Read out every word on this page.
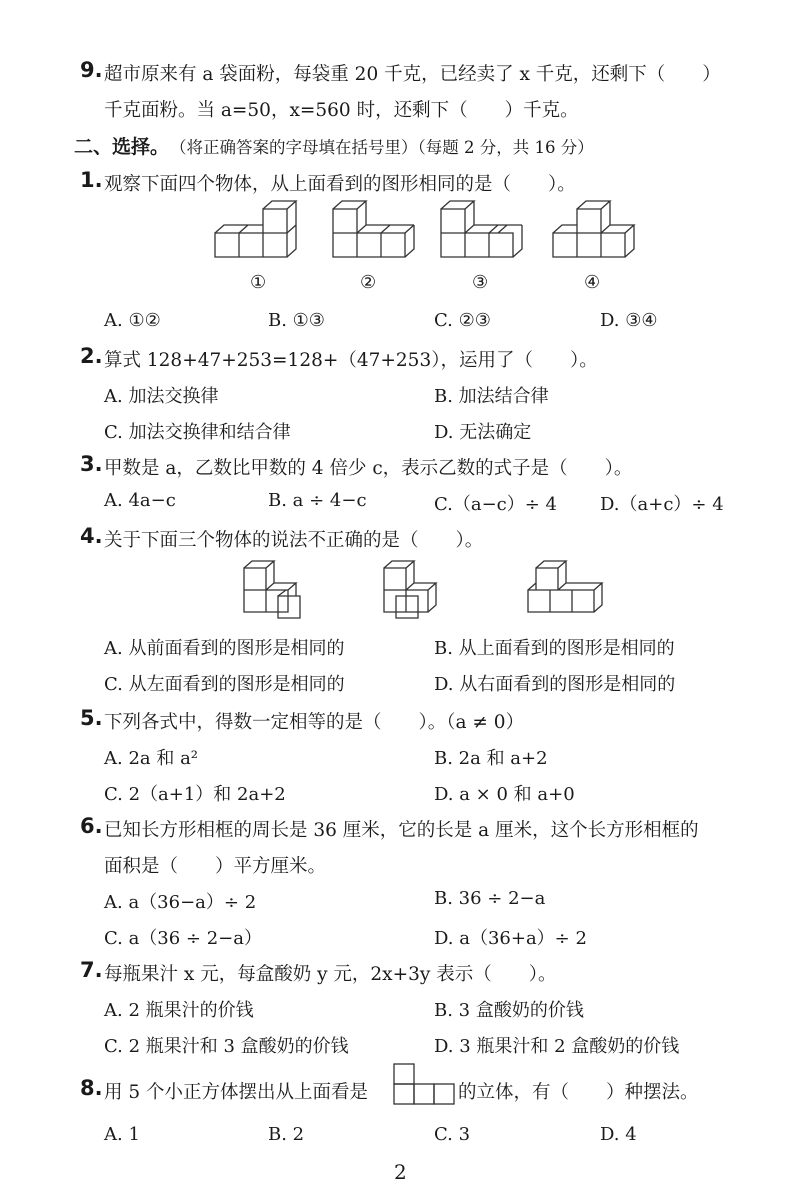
9. 超市原来有 a 袋面粉，每袋重 20 千克，已经卖了 x 千克，还剩下（　　）
千克面粉。当 a=50，x=560 时，还剩下（　　）千克。
二、选择。 （将正确答案的字母填在括号里）（每题 2 分，共 16 分）
1. 观察下面四个物体，从上面看到的图形相同的是（　　）。
①	②	③	④
A. ①②	B. ①③	C. ②③	D. ③④
2. 算式 128+47+253=128+（47+253），运用了（　　）。
A. 加法交换律	B. 加法结合律
C. 加法交换律和结合律	D. 无法确定
3. 甲数是 a，乙数比甲数的 4 倍少 c，表示乙数的式子是（　　）。
A. 4a−c	B. a ÷ 4−c	C.（a−c）÷ 4 D.（a+c）÷ 4
4. 关于下面三个物体的说法不正确的是（　　）。
A. 从前面看到的图形是相同的	B. 从上面看到的图形是相同的
C. 从左面看到的图形是相同的	D. 从右面看到的图形是相同的
5. 下列各式中，得数一定相等的是（　　）。（a ≠ 0）
A. 2a 和 a²	B. 2a 和 a+2
C. 2（a+1）和 2a+2	D. a × 0 和 a+0
6. 已知长方形相框的周长是 36 厘米，它的长是 a 厘米，这个长方形相框的
面积是（　　）平方厘米。
A. a（36−a）÷ 2	B. 36 ÷ 2−a
C. a（36 ÷ 2−a）	D. a（36+a）÷ 2
7. 每瓶果汁 x 元，每盒酸奶 y 元，2x+3y 表示（　　）。
A. 2 瓶果汁的价钱	B. 3 盒酸奶的价钱
C. 2 瓶果汁和 3 盒酸奶的价钱	D. 3 瓶果汁和 2 盒酸奶的价钱
8. 用 5 个小正方体摆出从上面看是	的立体，有（　　）种摆法。
A. 1	B. 2	C. 3	D. 4
2
